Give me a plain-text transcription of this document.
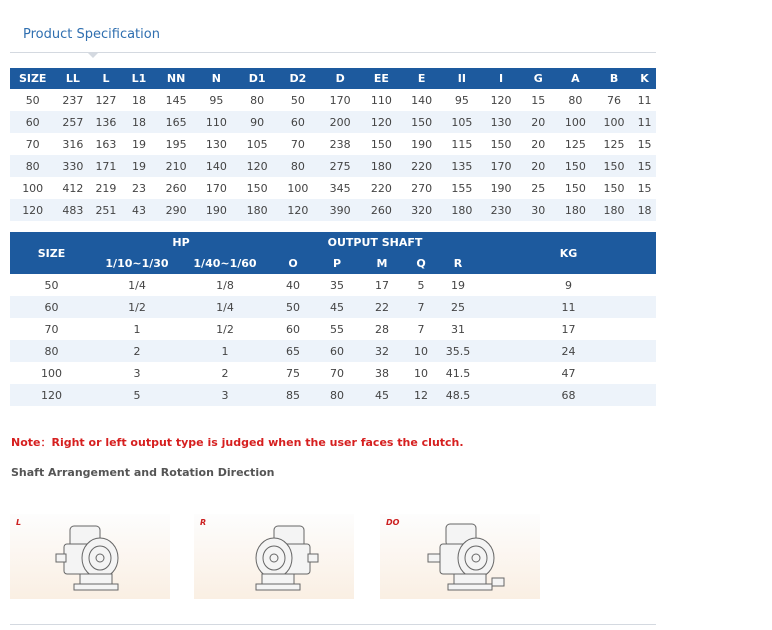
Product Specification
SIZE	LL	L	L1	NN	N	D1	D2	D	EE	E	II	I	G	A	B	K
50	237	127	18	145	95	80	50	170	110	140	95	120	15	80	76	11
60	257	136	18	165	110	90	60	200	120	150	105	130	20	100	100	11
70	316	163	19	195	130	105	70	238	150	190	115	150	20	125	125	15
80	330	171	19	210	140	120	80	275	180	220	135	170	20	150	150	15
100	412	219	23	260	170	150	100	345	220	270	155	190	25	150	150	15
120	483	251	43	290	190	180	120	390	260	320	180	230	30	180	180	18
SIZE	HP		OUTPUT SHAFT					KG
	1/10~1/30	1/40~1/60	O	P	M	Q	R	
50	1/4	1/8	40	35	17	5	19	9
60	1/2	1/4	50	45	22	7	25	11
70	1	1/2	60	55	28	7	31	17
80	2	1	65	60	32	10	35.5	24
100	3	2	75	70	38	10	41.5	47
120	5	3	85	80	45	12	48.5	68
Note：Right or left output type is judged when the user faces the clutch.
Shaft Arrangement and Rotation Direction
L	R	DO
